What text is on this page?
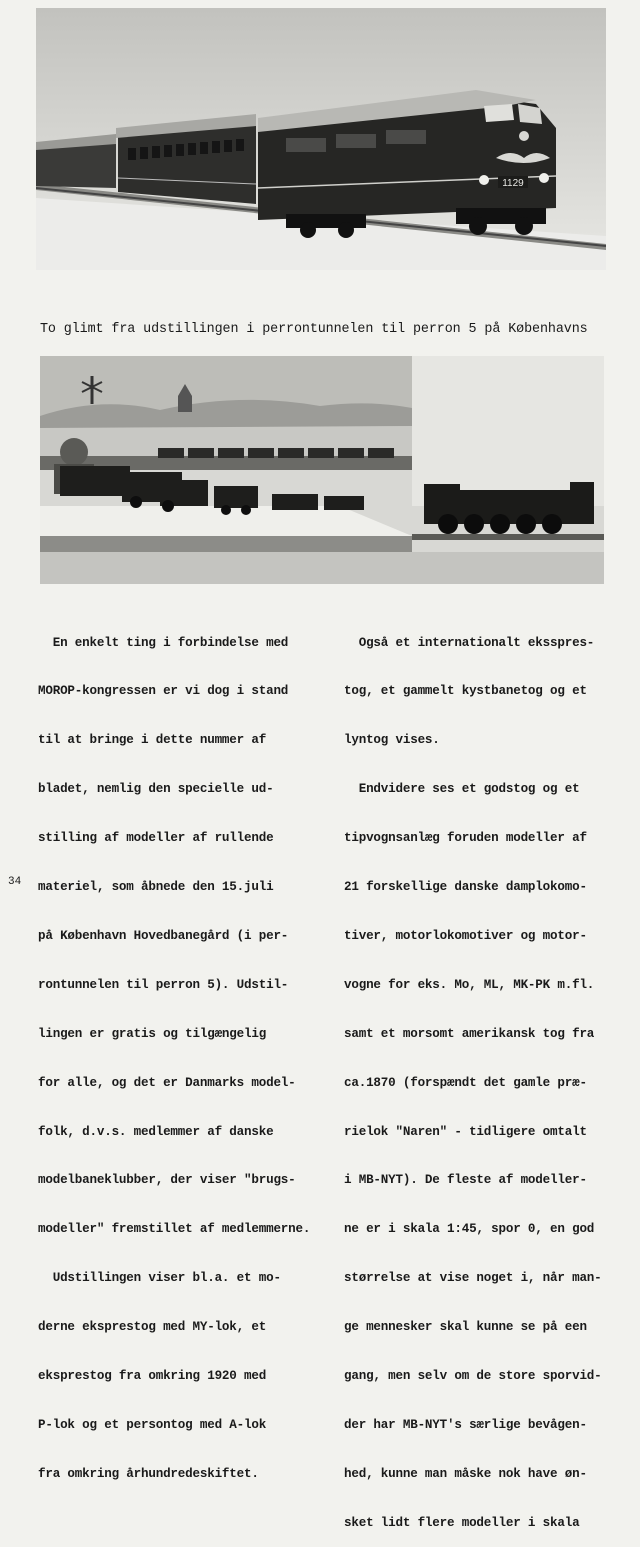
1129

To glimt fra udstillingen i perrontunnelen til perron 5 på Københavns

En enkelt ting i forbindelse med

MOROP-kongressen er vi dog i stand

til at bringe i dette nummer af

bladet, nemlig den specielle ud-

stilling af modeller af rullende

materiel, som åbnede den 15.juli

på København Hovedbanegård (i per-

rontunnelen til perron 5). Udstil-

lingen er gratis og tilgængelig

for alle, og det er Danmarks model-

folk, d.v.s. medlemmer af danske

modelbaneklubber, der viser "brugs-

modeller" fremstillet af medlemmerne.

Udstillingen viser bl.a. et mo-

derne eksprestog med MY-lok, et

eksprestog fra omkring 1920 med

P-lok og et persontog med A-lok

fra omkring århundredeskiftet.

Også et internationalt eksspres-

tog, et gammelt kystbanetog og et

lyntog vises.

Endvidere ses et godstog og et

tipvognsanlæg foruden modeller af

21 forskellige danske damplokomo-

tiver, motorlokomotiver og motor-

vogne for eks. Mo, ML, MK-PK m.fl.

samt et morsomt amerikansk tog fra

ca.1870 (forspændt det gamle præ-

rielok "Naren" - tidligere omtalt

i MB-NYT). De fleste af modeller-

ne er i skala 1:45, spor 0, en god

størrelse at vise noget i, når man-

ge mennesker skal kunne se på een

gang, men selv om de store sporvid-

der har MB-NYT's særlige bevågen-

hed, kunne man måske nok have øn-

sket lidt flere modeller i skala

34
